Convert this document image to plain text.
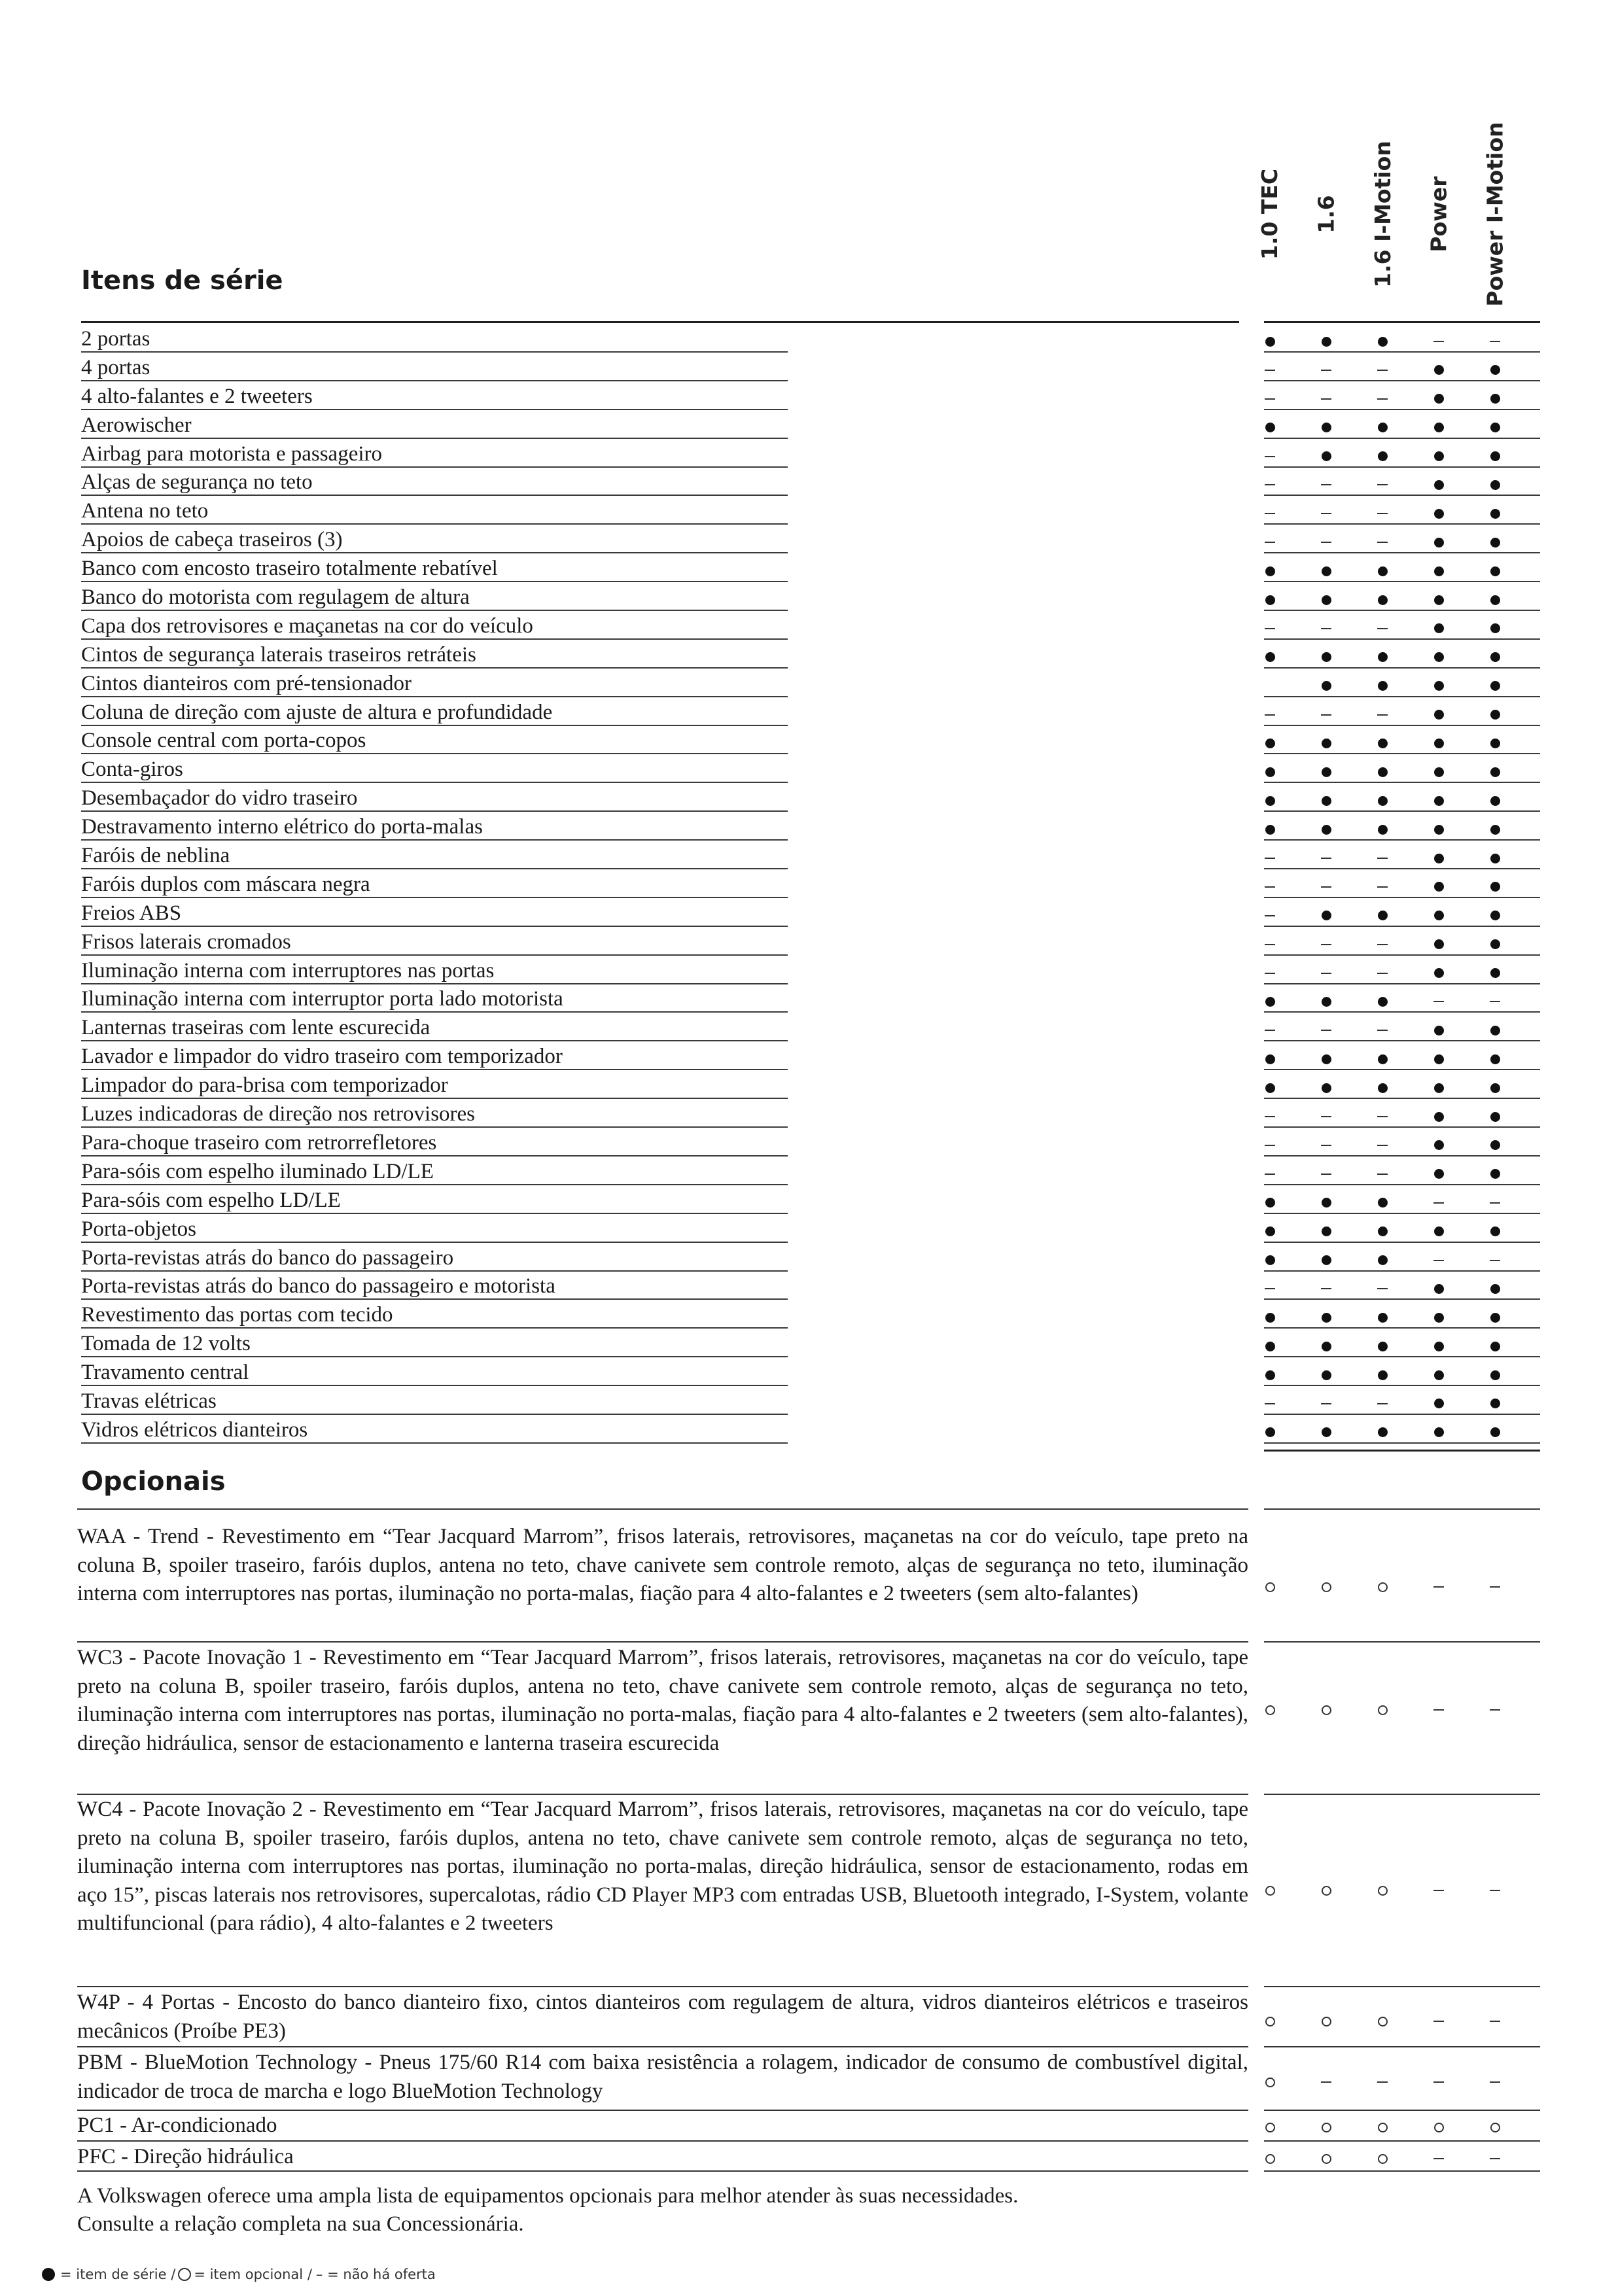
1.0 TEC 1.6 1.6 I-Motion Power Power I-Motion
Itens de série
2 portas
4 portas
4 alto-falantes e 2 tweeters
Aerowischer
Airbag para motorista e passageiro
Alças de segurança no teto
Antena no teto
Apoios de cabeça traseiros (3)
Banco com encosto traseiro totalmente rebatível
Banco do motorista com regulagem de altura
Capa dos retrovisores e maçanetas na cor do veículo
Cintos de segurança laterais traseiros retráteis
Cintos dianteiros com pré-tensionador
Coluna de direção com ajuste de altura e profundidade
Console central com porta-copos
Conta-giros
Desembaçador do vidro traseiro
Destravamento interno elétrico do porta-malas
Faróis de neblina
Faróis duplos com máscara negra
Freios ABS
Frisos laterais cromados
Iluminação interna com interruptores nas portas
Iluminação interna com interruptor porta lado motorista
Lanternas traseiras com lente escurecida
Lavador e limpador do vidro traseiro com temporizador
Limpador do para-brisa com temporizador
Luzes indicadoras de direção nos retrovisores
Para-choque traseiro com retrorrefletores
Para-sóis com espelho iluminado LD/LE
Para-sóis com espelho LD/LE
Porta-objetos
Porta-revistas atrás do banco do passageiro
Porta-revistas atrás do banco do passageiro e motorista
Revestimento das portas com tecido
Tomada de 12 volts
Travamento central
Travas elétricas
Vidros elétricos dianteiros
Opcionais
WAA - Trend - Revestimento em “Tear Jacquard Marrom”, frisos laterais, retrovisores, maçanetas na cor do veículo, tape preto na coluna B, spoiler traseiro, faróis duplos, antena no teto, chave canivete sem controle remoto, alças de segurança no teto, iluminação interna com interruptores nas portas, iluminação no porta-malas, fiação para 4 alto-falantes e 2 tweeters (sem alto-falantes)
WC3 - Pacote Inovação 1 - Revestimento em “Tear Jacquard Marrom”, frisos laterais, retrovisores, maçanetas na cor do veículo, tape preto na coluna B, spoiler traseiro, faróis duplos, antena no teto, chave canivete sem controle remoto, alças de segurança no teto, iluminação interna com interruptores nas portas, iluminação no porta-malas, fiação para 4 alto-falantes e 2 tweeters (sem alto-falantes), direção hidráulica, sensor de estacionamento e lanterna traseira escurecida
WC4 - Pacote Inovação 2 - Revestimento em “Tear Jacquard Marrom”, frisos laterais, retrovisores, maçanetas na cor do veículo, tape preto na coluna B, spoiler traseiro, faróis duplos, antena no teto, chave canivete sem controle remoto, alças de segurança no teto, iluminação interna com interruptores nas portas, iluminação no porta-malas, direção hidráulica, sensor de estacionamento, rodas em aço 15”, piscas laterais nos retrovisores, supercalotas, rádio CD Player MP3 com entradas USB, Bluetooth integrado, I-System, volante multifuncional (para rádio), 4 alto-falantes e 2 tweeters
W4P - 4 Portas - Encosto do banco dianteiro fixo, cintos dianteiros com regulagem de altura, vidros dianteiros elétricos e traseiros mecânicos (Proíbe PE3)
PBM - BlueMotion Technology - Pneus 175/60 R14 com baixa resistência a rolagem, indicador de consumo de combustível digital, indicador de troca de marcha e logo BlueMotion Technology
PC1 - Ar-condicionado
PFC - Direção hidráulica
A Volkswagen oferece uma ampla lista de equipamentos opcionais para melhor atender às suas necessidades.
Consulte a relação completa na sua Concessionária.
= item de série / = item opcional / – = não há oferta
